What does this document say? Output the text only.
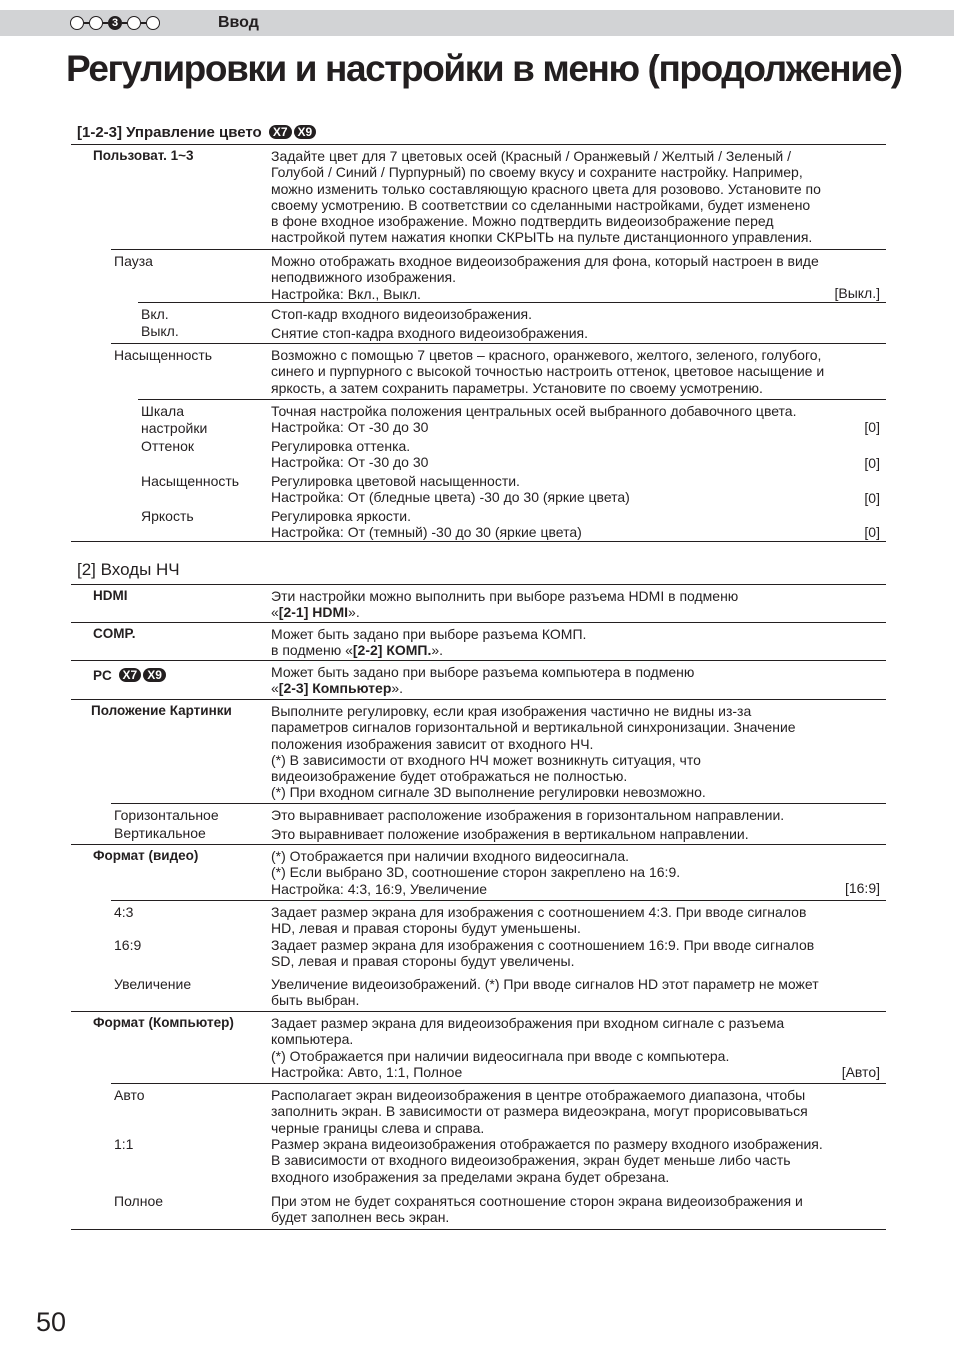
3	Ввод
Регулировки и настройки в меню (продолжение)
[1-2-3] Управление цвето X7 X9
Пользоват. 1~3	Задайте цвет для 7 цветовых осей (Красный / Оранжевый / Желтый / Зеленый /
Голубой / Синий / Пурпурный) по своему вкусу и сохраните настройку. Например,
можно изменить только составляющую красного цвета для розовово. Установите по
своему усмотрению. В соответствии со сделанными настройками, будет изменено
в фоне входное изображение. Можно подтвердить видеоизображение перед
настройкой путем нажатия кнопки СКРЫТЬ на пульте дистанционного управления.
Пауза	Можно отображать входное видеоизображения для фона, который настроен в виде
неподвижного изображения.
Настройка: Вкл., Выкл.	[Выкл.]
Вкл.	Стоп-кадр входного видеоизображения.
Выкл.	Снятие стоп-кадра входного видеоизображения.
Насыщенность	Возможно с помощью 7 цветов – красного, оранжевого, желтого, зеленого, голубого,
синего и пурпурного с высокой точностью настроить оттенок, цветовое насыщение и
яркость, а затем сохранить параметры. Установите по своему усмотрению.
Шкала
настройки
Точная настройка положения центральных осей выбранного добавочного цвета.
Настройка: От -30 до 30	[0]
Оттенок	Регулировка оттенка.
Настройка: От -30 до 30	[0]
Насыщенность Регулировка цветовой насыщенности.
Настройка: От (бледные цвета) -30 до 30 (яркие цвета)	[0]
Яркость	Регулировка яркости.
Настройка: От (темный) -30 до 30 (яркие цвета)	[0]
[2] Входы НЧ
HDMI	Эти настройки можно выполнить при выборе разъема HDMI в подменю
«[2-1] HDMI».
COMP.	Может быть задано при выборе разъема КОМП.
в подменю «[2-2] КОМП.».
PC X7 X9	Может быть задано при выборе разъема компьютера в подменю
«[2-3] Компьютер».
Положение Картинки	Выполните регулировку, если края изображения частично не видны из-за
параметров сигналов горизонтальной и вертикальной синхронизации. Значение
положения изображения зависит от входного НЧ.
(*) В зависимости от входного НЧ может возникнуть ситуация, что
видеоизображение будет отображаться не полностью.
(*) При входном сигнале 3D выполнение регулировки невозможно.
Горизонтальное	Это выравнивает расположение изображения в горизонтальном направлении.
Вертикальное	Это выравнивает положение изображения в вертикальном направлении.
Формат (видео)	(*) Отображается при наличии входного видеосигнала.
(*) Если выбрано 3D, соотношение сторон закреплено на 16:9.
Настройка: 4:3, 16:9, Увеличение	[16:9]
4:3	Задает размер экрана для изображения с соотношением 4:3. При вводе сигналов
HD, левая и правая стороны будут уменьшены.
16:9	Задает размер экрана для изображения с соотношением 16:9. При вводе сигналов
SD, левая и правая стороны будут увеличены.
Увеличение	Увеличение видеоизображений. (*) При вводе сигналов HD этот параметр не может
быть выбран.
Формат (Компьютер)	Задает размер экрана для видеоизображения при входном сигнале с разъема
компьютера.
(*) Отображается при наличии видеосигнала при вводе с компьютера.
Настройка: Авто, 1:1, Полное	[Авто]
Авто	Располагает экран видеоизображения в центре отображаемого диапазона, чтобы
заполнить экран. В зависимости от размера видеоэкрана, могут прорисовываться
черные границы слева и справа.
1:1	Размер экрана видеоизображения отображается по размеру входного изображения.
В зависимости от входного видеоизображения, экран будет меньше либо часть
входного изображения за пределами экрана будет обрезана.
Полное	При этом не будет сохраняться соотношение сторон экрана видеоизображения и
будет заполнен весь экран.
50
